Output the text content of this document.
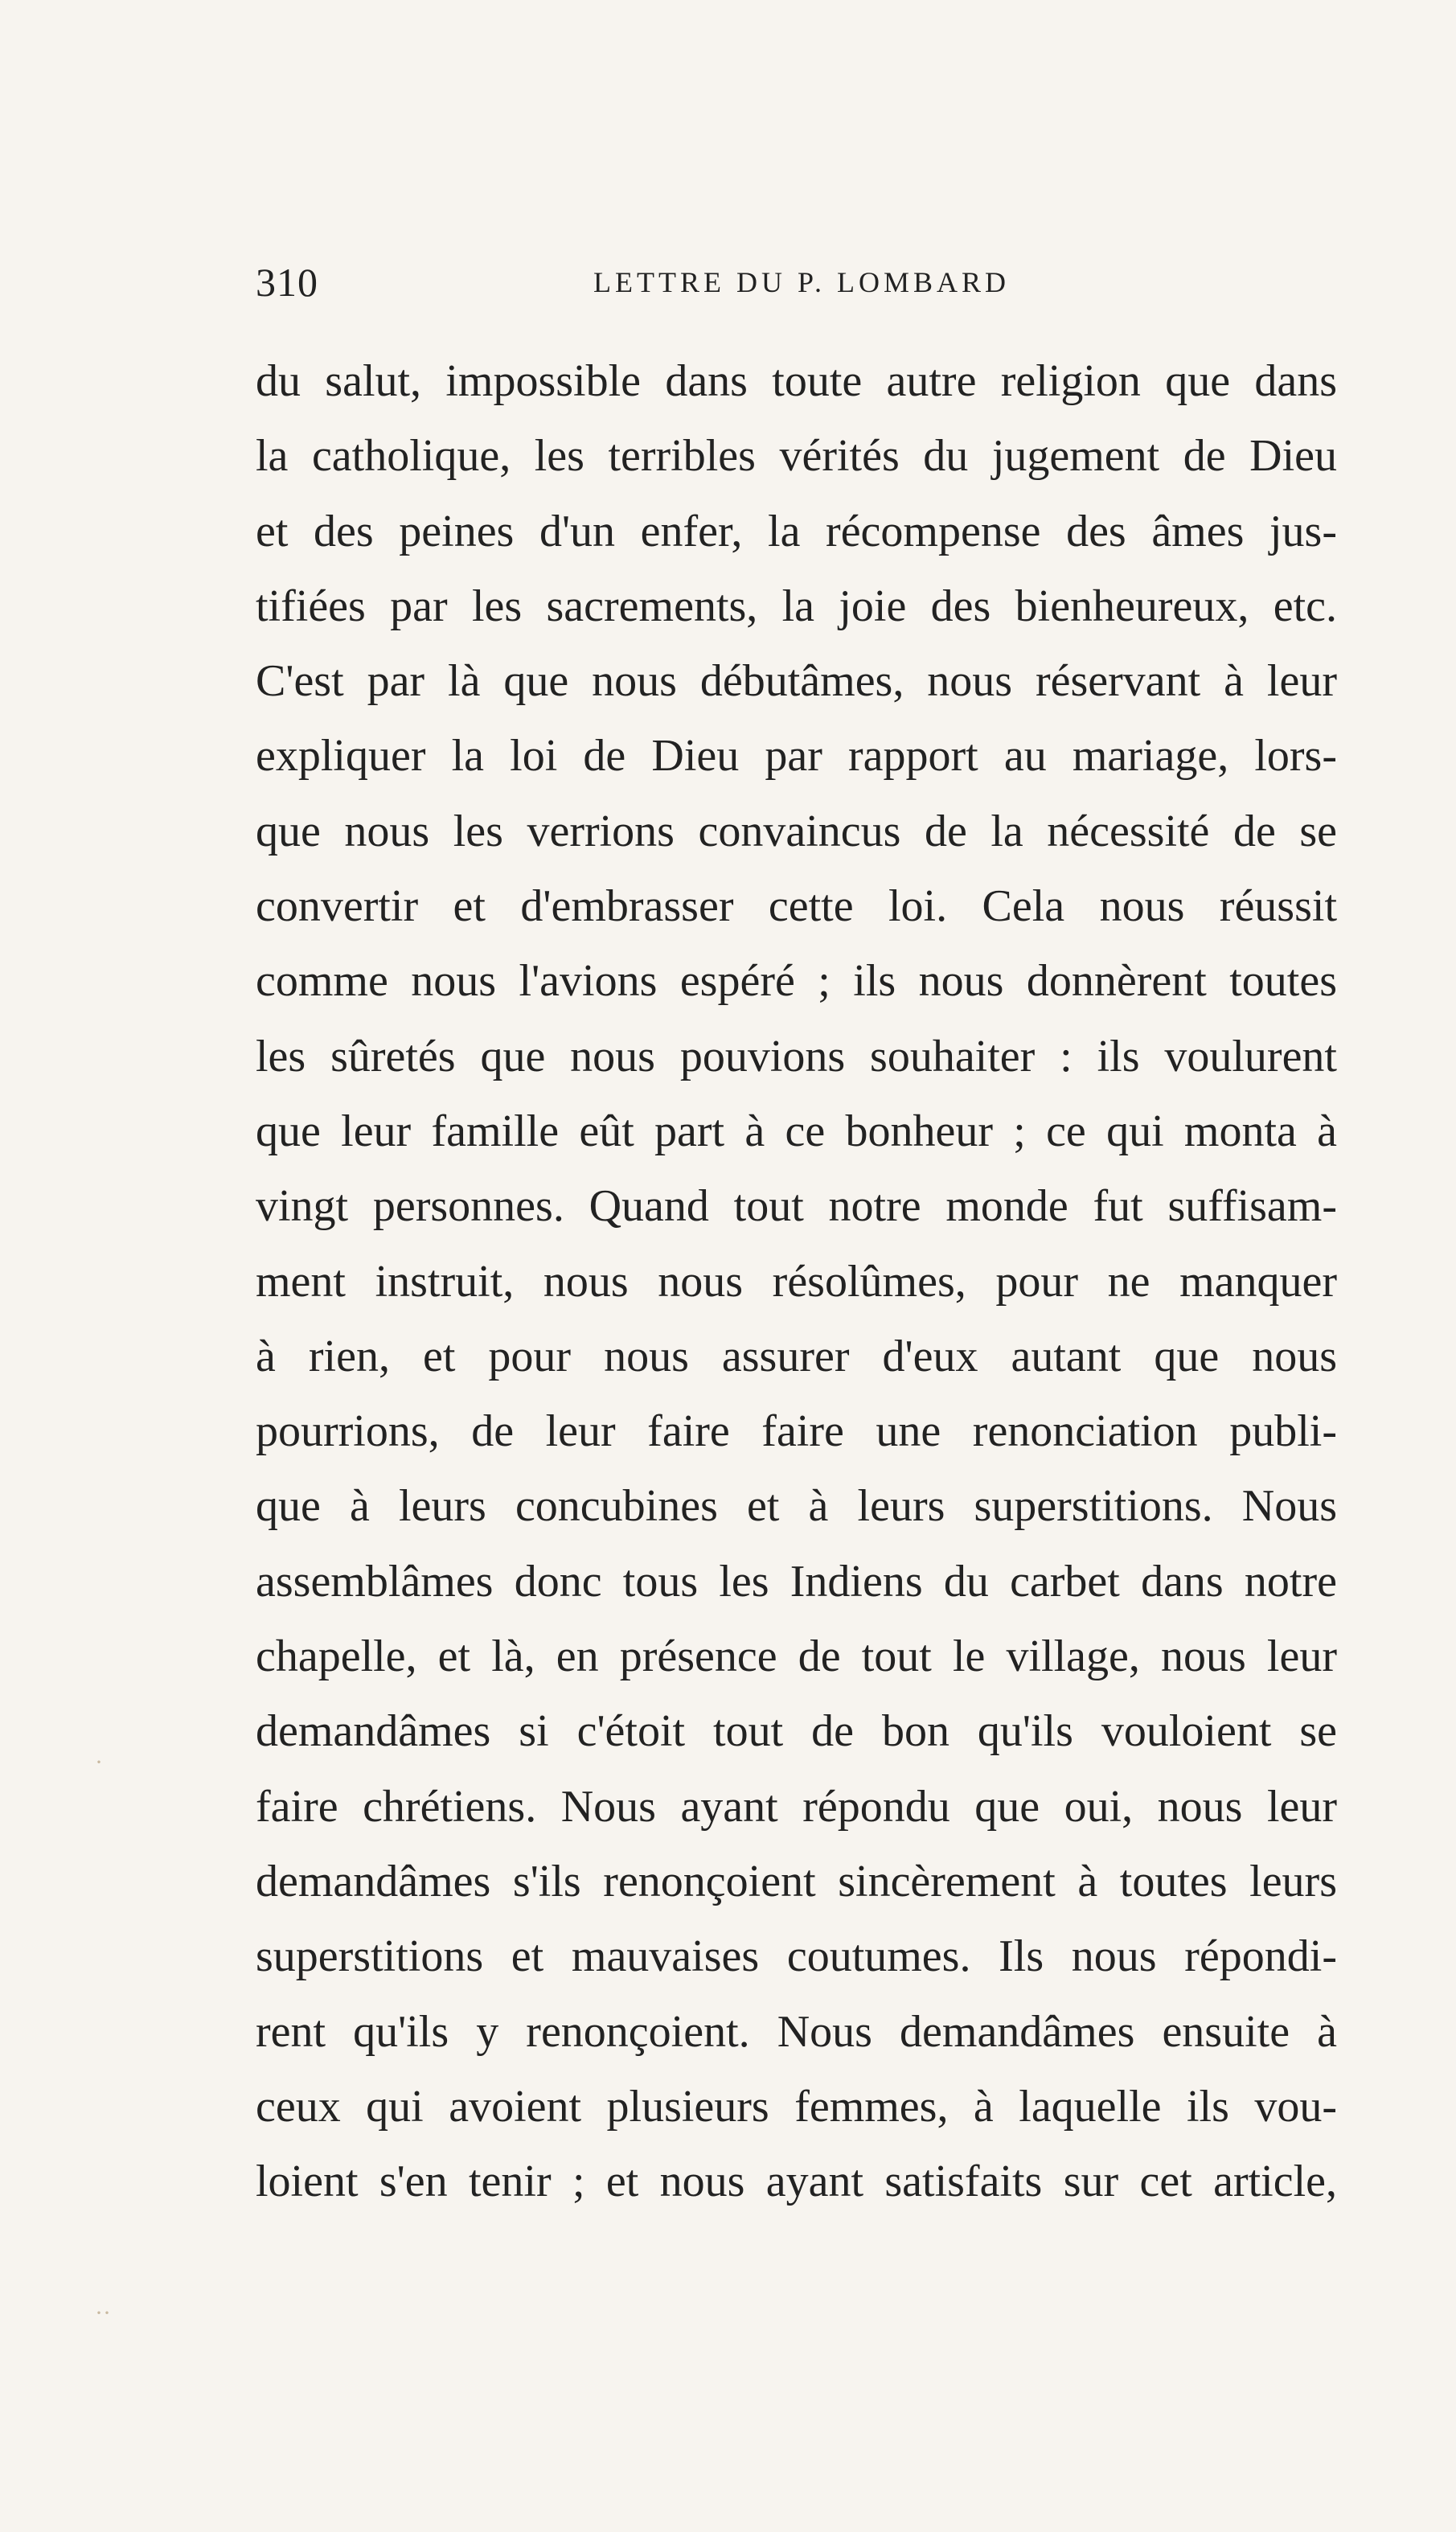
310	LETTRE DU P. LOMBARD
du salut, impossible dans toute autre religion que dans
la catholique, les terribles vérités du jugement de Dieu
et des peines d'un enfer, la récompense des âmes jus-
tifiées par les sacrements, la joie des bienheureux, etc.
C'est par là que nous débutâmes, nous réservant à leur
expliquer la loi de Dieu par rapport au mariage, lors-
que nous les verrions convaincus de la nécessité de se
convertir et d'embrasser cette loi. Cela nous réussit
comme nous l'avions espéré ; ils nous donnèrent toutes
les sûretés que nous pouvions souhaiter : ils voulurent
que leur famille eût part à ce bonheur ; ce qui monta à
vingt personnes. Quand tout notre monde fut suffisam-
ment instruit, nous nous résolûmes, pour ne manquer
à rien, et pour nous assurer d'eux autant que nous
pourrions, de leur faire faire une renonciation publi-
que à leurs concubines et à leurs superstitions. Nous
assemblâmes donc tous les Indiens du carbet dans notre
chapelle, et là, en présence de tout le village, nous leur
demandâmes si c'étoit tout de bon qu'ils vouloient se
faire chrétiens. Nous ayant répondu que oui, nous leur
demandâmes s'ils renonçoient sincèrement à toutes leurs
superstitions et mauvaises coutumes. Ils nous répondi-
rent qu'ils y renonçoient. Nous demandâmes ensuite à
ceux qui avoient plusieurs femmes, à laquelle ils vou-
loient s'en tenir ; et nous ayant satisfaits sur cet article,
·
··
